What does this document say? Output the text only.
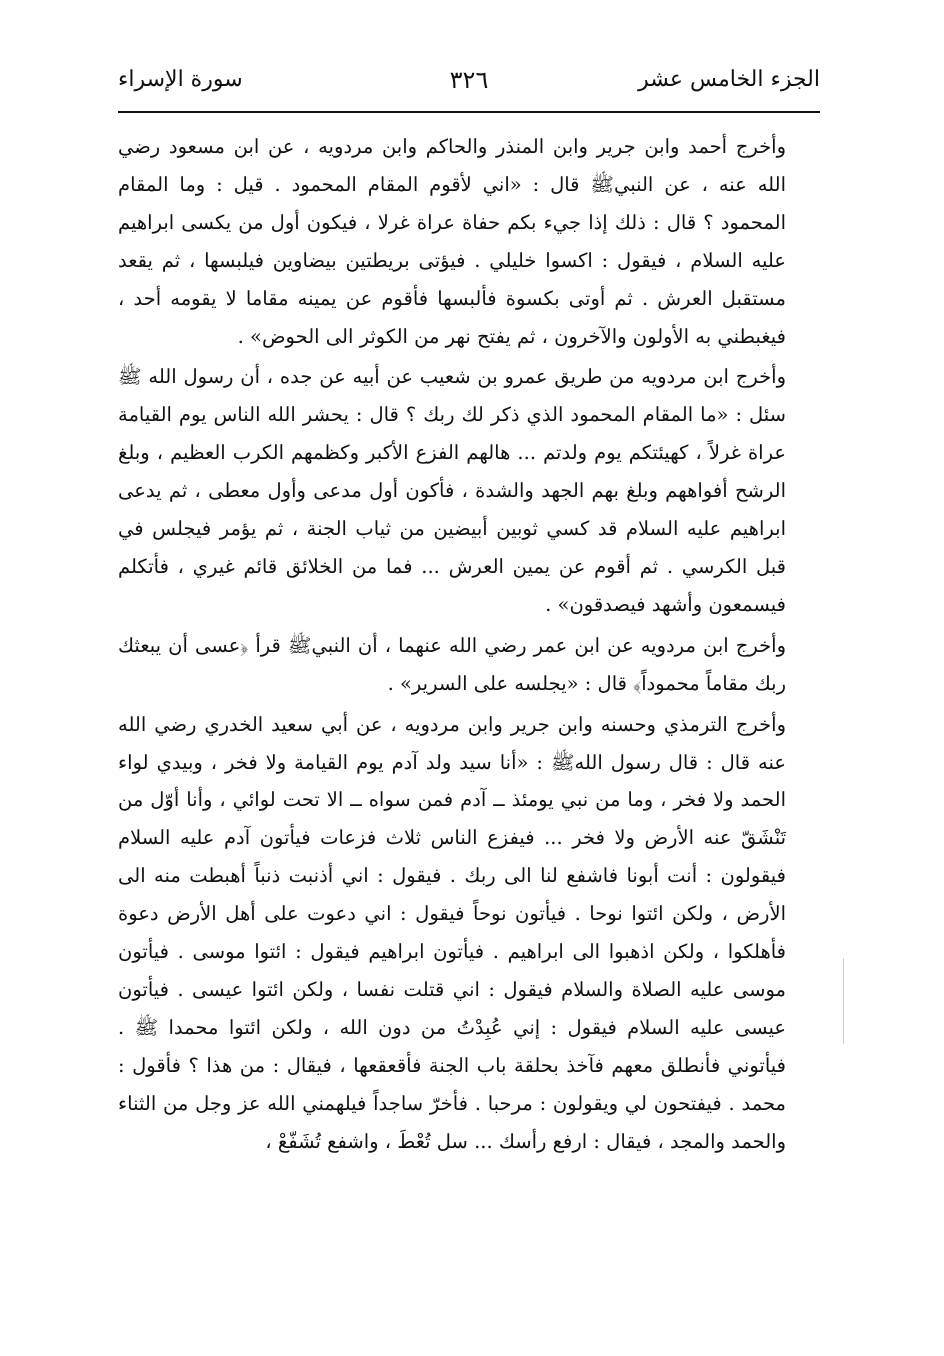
الجزء الخامس عشر
٣٢٦
سورة الإسراء

وأخرج أحمد وابن جرير وابن المنذر والحاكم وابن مردويه ، عن ابن مسعود رضي الله عنه ، عن النبيﷺ قال : «اني لأقوم المقام المحمود . قيل : وما المقام المحمود ؟ قال : ذلك إذا جيء بكم حفاة عراة غرلا ، فيكون أول من يكسى ابراهيم عليه السلام ، فيقول : اكسوا خليلي . فيؤتى بريطتين بيضاوين فيلبسها ، ثم يقعد مستقبل العرش . ثم أوتى بكسوة فألبسها فأقوم عن يمينه مقاما لا يقومه أحد ، فيغبطني به الأولون والآخرون ، ثم يفتح نهر من الكوثر الى الحوض» .

وأخرج ابن مردويه من طريق عمرو بن شعيب عن أبيه عن جده ، أن رسول الله ﷺ سئل : «ما المقام المحمود الذي ذكر لك ربك ؟ قال : يحشر الله الناس يوم القيامة عراة غرلاً ، كهيئتكم يوم ولدتم ... هالهم الفزع الأكبر وكظمهم الكرب العظيم ، وبلغ الرشح أفواههم وبلغ بهم الجهد والشدة ، فأكون أول مدعى وأول معطى ، ثم يدعى ابراهيم عليه السلام قد كسي ثوبين أبيضين من ثياب الجنة ، ثم يؤمر فيجلس في قبل الكرسي . ثم أقوم عن يمين العرش ... فما من الخلائق قائم غيري ، فأتكلم فيسمعون وأشهد فيصدقون» .

وأخرج ابن مردويه عن ابن عمر رضي الله عنهما ، أن النبيﷺ قرأ ﴿عسى أن يبعثك ربك مقاماً محموداً﴾ قال : «يجلسه على السرير» .

وأخرج الترمذي وحسنه وابن جرير وابن مردويه ، عن أبي سعيد الخدري رضي الله عنه قال : قال رسول اللهﷺ : «أنا سيد ولد آدم يوم القيامة ولا فخر ، وبيدي لواء الحمد ولا فخر ، وما من نبي يومئذ ــ آدم فمن سواه ــ الا تحت لوائي ، وأنا أوّل من تَنْشَقّ عنه الأرض ولا فخر ... فيفزع الناس ثلاث فزعات فيأتون آدم عليه السلام فيقولون : أنت أبونا فاشفع لنا الى ربك . فيقول : اني أذنبت ذنباً أهبطت منه الى الأرض ، ولكن ائتوا نوحا . فيأتون نوحاً فيقول : اني دعوت على أهل الأرض دعوة فأهلكوا ، ولكن اذهبوا الى ابراهيم . فيأتون ابراهيم فيقول : ائتوا موسى . فيأتون موسى عليه الصلاة والسلام فيقول : اني قتلت نفسا ، ولكن ائتوا عيسى . فيأتون عيسى عليه السلام فيقول : إني عُبِدْتُ من دون الله ، ولكن ائتوا محمدا ﷺ . فيأتوني فأنطلق معهم فآخذ بحلقة باب الجنة فأقعقعها ، فيقال : من هذا ؟ فأقول : محمد . فيفتحون لي ويقولون : مرحبا . فأخرّ ساجداً فيلهمني الله عز وجل من الثناء والحمد والمجد ، فيقال : ارفع رأسك ... سل تُعْطَ ، واشفع تُشَفّعْ ،
